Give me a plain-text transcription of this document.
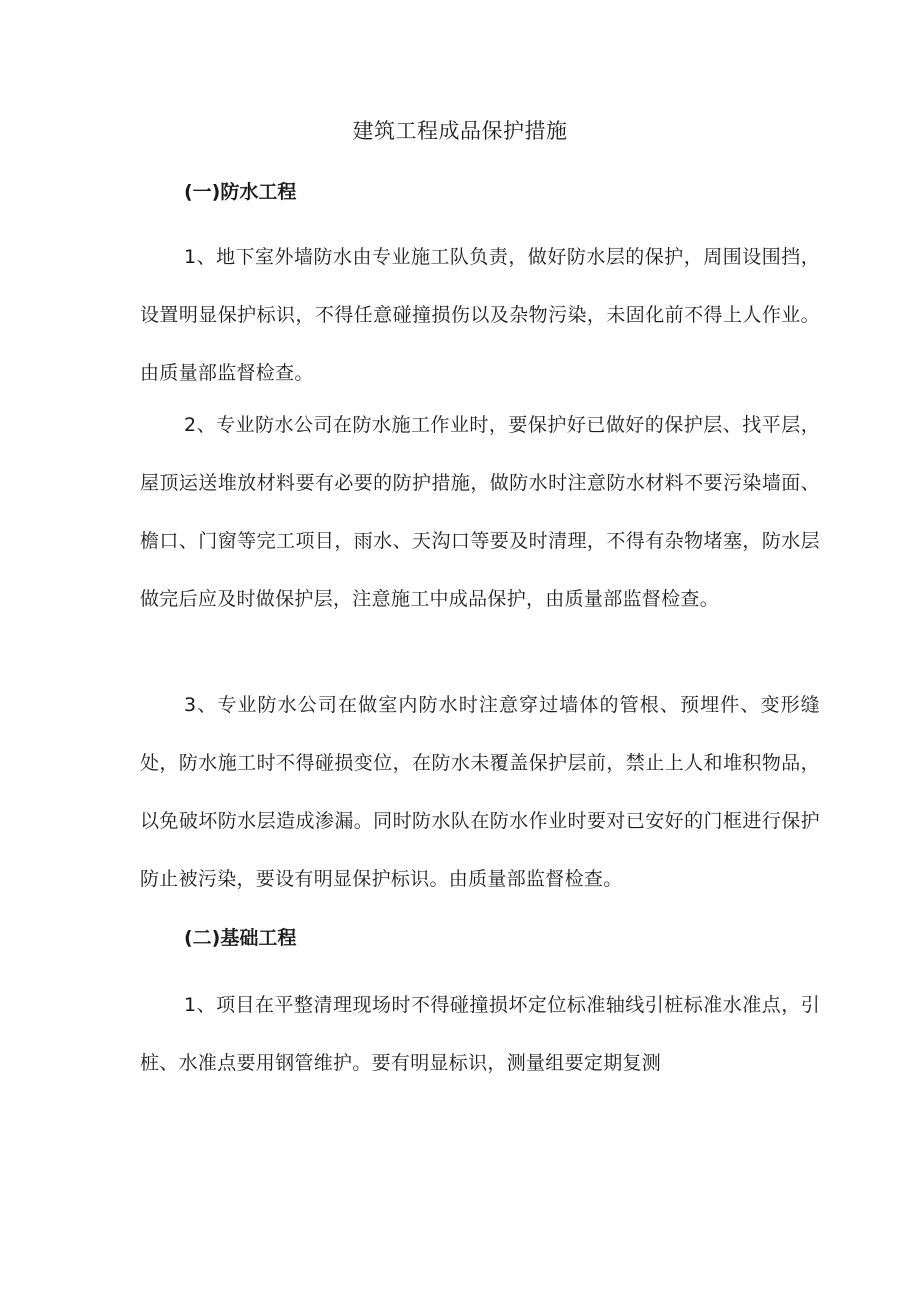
建筑工程成品保护措施
(一)防水工程

1、地下室外墙防水由专业施工队负责，做好防水层的保护，周围设围挡，设置明显保护标识，不得任意碰撞损伤以及杂物污染，未固化前不得上人作业。由质量部监督检查。

2、专业防水公司在防水施工作业时，要保护好已做好的保护层、找平层，屋顶运送堆放材料要有必要的防护措施，做防水时注意防水材料不要污染墙面、檐口、门窗等完工项目，雨水、天沟口等要及时清理，不得有杂物堵塞，防水层做完后应及时做保护层，注意施工中成品保护，由质量部监督检查。

3、专业防水公司在做室内防水时注意穿过墙体的管根、预埋件、变形缝处，防水施工时不得碰损变位，在防水未覆盖保护层前，禁止上人和堆积物品，以免破坏防水层造成渗漏。同时防水队在防水作业时要对已安好的门框进行保护防止被污染，要设有明显保护标识。由质量部监督检查。

(二)基础工程

1、项目在平整清理现场时不得碰撞损坏定位标准轴线引桩标准水准点，引桩、水准点要用钢管维护。要有明显标识，测量组要定期复测
